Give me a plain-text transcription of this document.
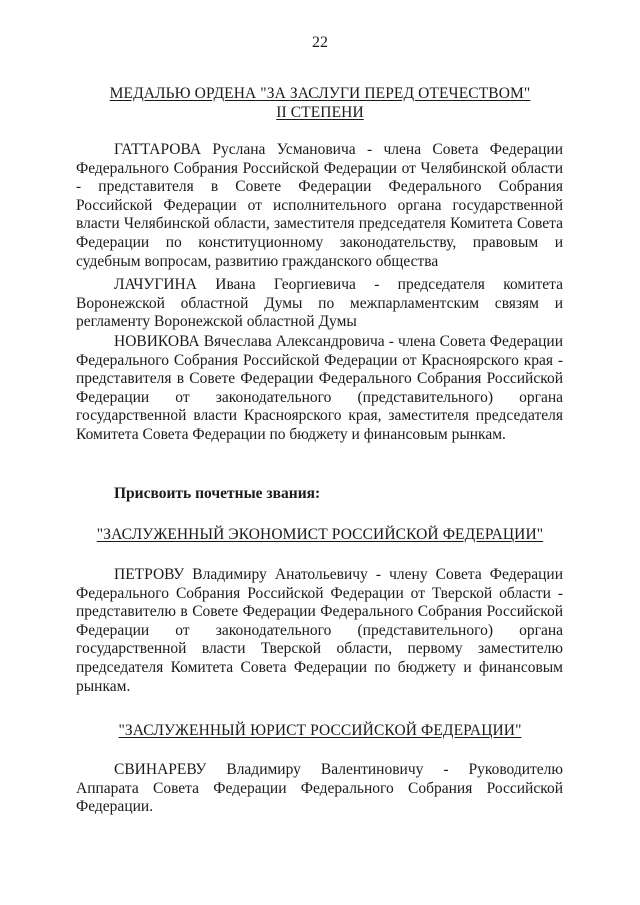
22
МЕДАЛЬЮ ОРДЕНА "ЗА ЗАСЛУГИ ПЕРЕД ОТЕЧЕСТВОМ"
II СТЕПЕНИ
ГАТТАРОВА Руслана Усмановича - члена Совета Федерации Федерального Собрания Российской Федерации от Челябинской области - представителя в Совете Федерации Федерального Собрания Российской Федерации от исполнительного органа государственной власти Челябинской области, заместителя председателя Комитета Совета Федерации по конституционному законодательству, правовым и судебным вопросам, развитию гражданского общества
ЛАЧУГИНА Ивана Георгиевича - председателя комитета Воронежской областной Думы по межпарламентским связям и регламенту Воронежской областной Думы
НОВИКОВА Вячеслава Александровича - члена Совета Федерации Федерального Собрания Российской Федерации от Красноярского края - представителя в Совете Федерации Федерального Собрания Российской Федерации от законодательного (представительного) органа государственной власти Красноярского края, заместителя председателя Комитета Совета Федерации по бюджету и финансовым рынкам.
Присвоить почетные звания:
"ЗАСЛУЖЕННЫЙ ЭКОНОМИСТ РОССИЙСКОЙ ФЕДЕРАЦИИ"
ПЕТРОВУ Владимиру Анатольевичу - члену Совета Федерации Федерального Собрания Российской Федерации от Тверской области - представителю в Совете Федерации Федерального Собрания Российской Федерации от законодательного (представительного) органа государственной власти Тверской области, первому заместителю председателя Комитета Совета Федерации по бюджету и финансовым рынкам.
"ЗАСЛУЖЕННЫЙ ЮРИСТ РОССИЙСКОЙ ФЕДЕРАЦИИ"
СВИНАРЕВУ Владимиру Валентиновичу - Руководителю Аппарата Совета Федерации Федерального Собрания Российской Федерации.
